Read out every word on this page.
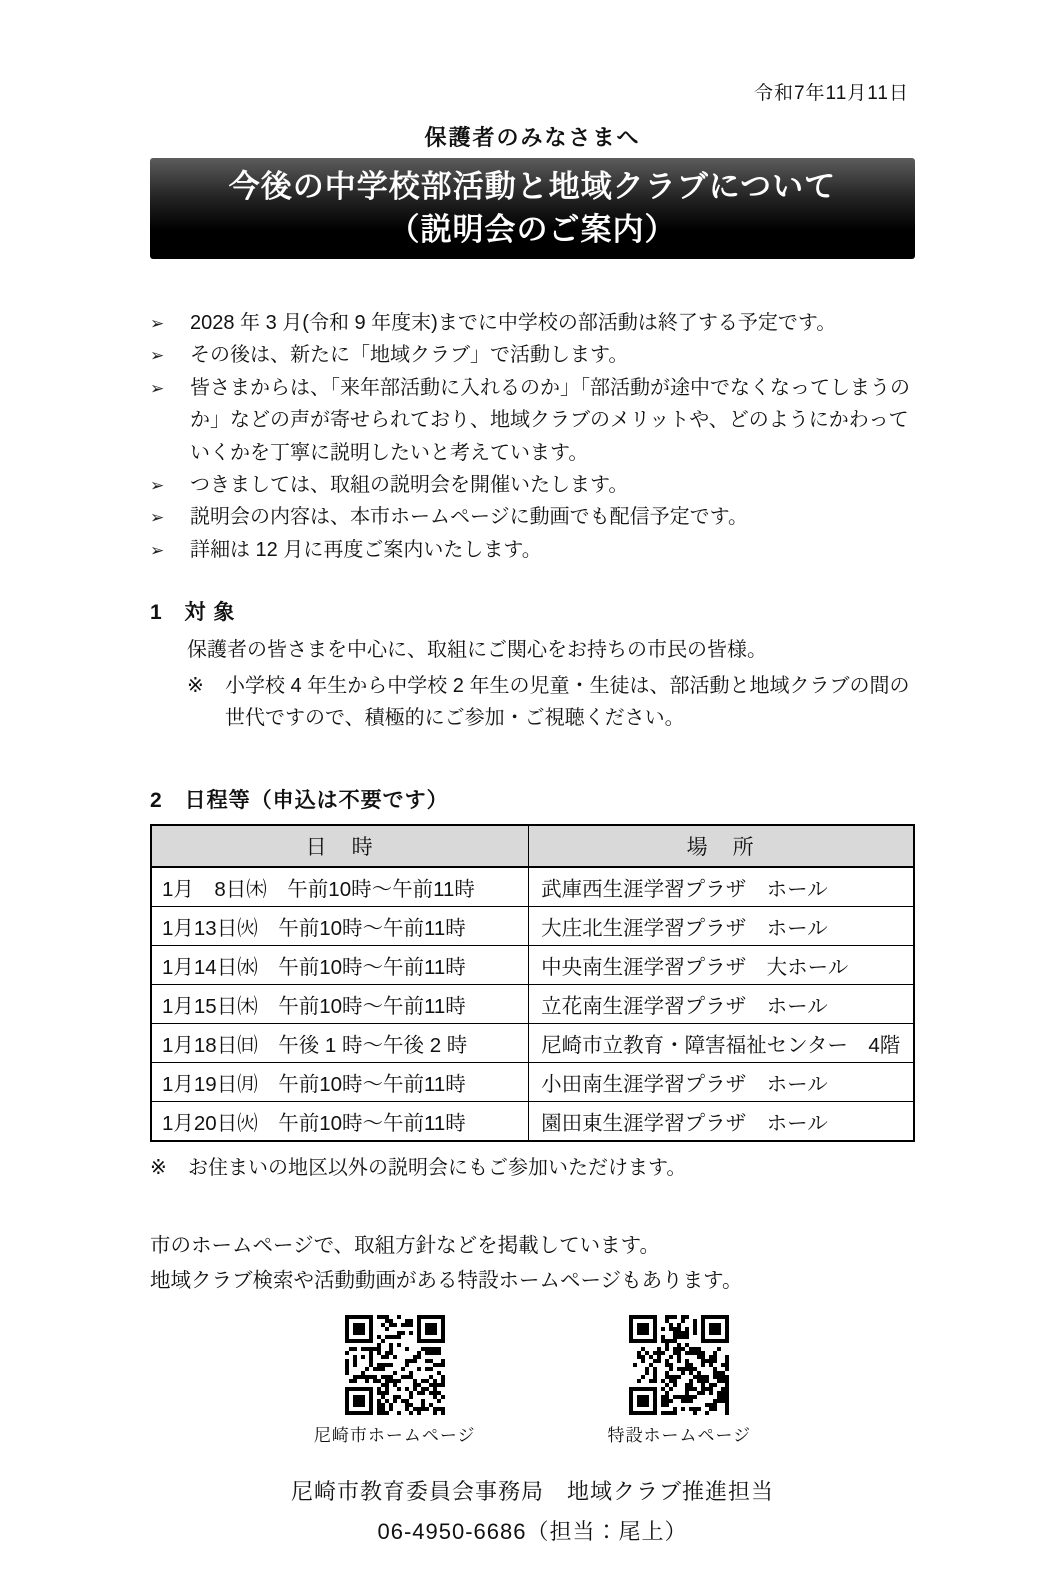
令和7年11月11日
保護者のみなさまへ
今後の中学校部活動と地域クラブについて
（説明会のご案内）
➢	2028 年 3 月(令和 9 年度末)までに中学校の部活動は終了する予定です。
➢	その後は、新たに「地域クラブ」で活動します。
➢	皆さまからは、「来年部活動に入れるのか」「部活動が途中でなくなってしまうのか」などの声が寄せられており、地域クラブのメリットや、どのようにかわっていくかを丁寧に説明したいと考えています。
➢	つきましては、取組の説明会を開催いたします。
➢	説明会の内容は、本市ホームページに動画でも配信予定です。
➢	詳細は 12 月に再度ご案内いたします。
1　対 象
保護者の皆さまを中心に、取組にご関心をお持ちの市民の皆様。
※	小学校 4 年生から中学校 2 年生の児童・生徒は、部活動と地域クラブの間の世代ですので、積極的にご参加・ご視聴ください。
2　日程等（申込は不要です）
日　時	場　所
1月　8日㈭　午前10時～午前11時	武庫西生涯学習プラザ　ホール
1月13日㈫　午前10時～午前11時	大庄北生涯学習プラザ　ホール
1月14日㈬　午前10時～午前11時	中央南生涯学習プラザ　大ホール
1月15日㈭　午前10時～午前11時	立花南生涯学習プラザ　ホール
1月18日㈰　午後 1 時～午後 2 時	尼崎市立教育・障害福祉センター　4階
1月19日㈪　午前10時～午前11時	小田南生涯学習プラザ　ホール
1月20日㈫　午前10時～午前11時	園田東生涯学習プラザ　ホール
※	お住まいの地区以外の説明会にもご参加いただけます。
市のホームページで、取組方針などを掲載しています。
地域クラブ検索や活動動画がある特設ホームページもあります。
尼崎市ホームページ	特設ホームページ
尼崎市教育委員会事務局　地域クラブ推進担当
06-4950-6686（担当：尾上）
